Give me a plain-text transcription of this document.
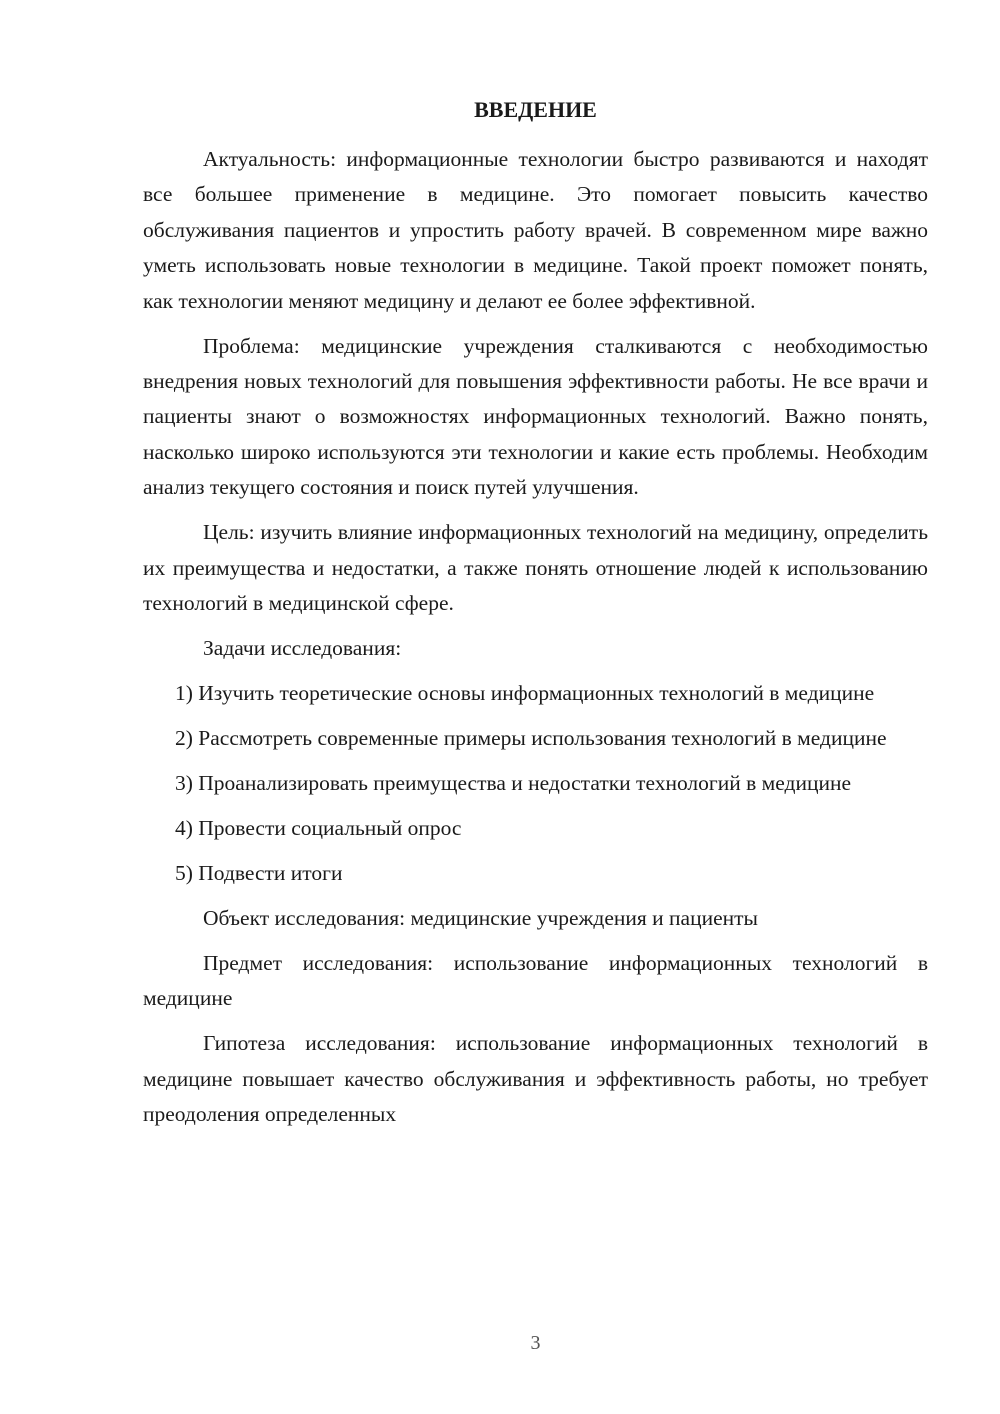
ВВЕДЕНИЕ

Актуальность: информационные технологии быстро развиваются и находят все большее применение в медицине. Это помогает повысить качество обслуживания пациентов и упростить работу врачей. В современном мире важно уметь использовать новые технологии в медицине. Такой проект поможет понять, как технологии меняют медицину и делают ее более эффективной.

Проблема: медицинские учреждения сталкиваются с необходимостью внедрения новых технологий для повышения эффективности работы. Не все врачи и пациенты знают о возможностях информационных технологий. Важно понять, насколько широко используются эти технологии и какие есть проблемы. Необходим анализ текущего состояния и поиск путей улучшения.

Цель: изучить влияние информационных технологий на медицину, определить их преимущества и недостатки, а также понять отношение людей к использованию технологий в медицинской сфере.

Задачи исследования:

1) Изучить теоретические основы информационных технологий в медицине

2) Рассмотреть современные примеры использования технологий в медицине

3) Проанализировать преимущества и недостатки технологий в медицине

4) Провести социальный опрос

5) Подвести итоги

Объект исследования: медицинские учреждения и пациенты

Предмет исследования: использование информационных технологий в медицине

Гипотеза исследования: использование информационных технологий в медицине повышает качество обслуживания и эффективность работы, но требует преодоления определенных

3
